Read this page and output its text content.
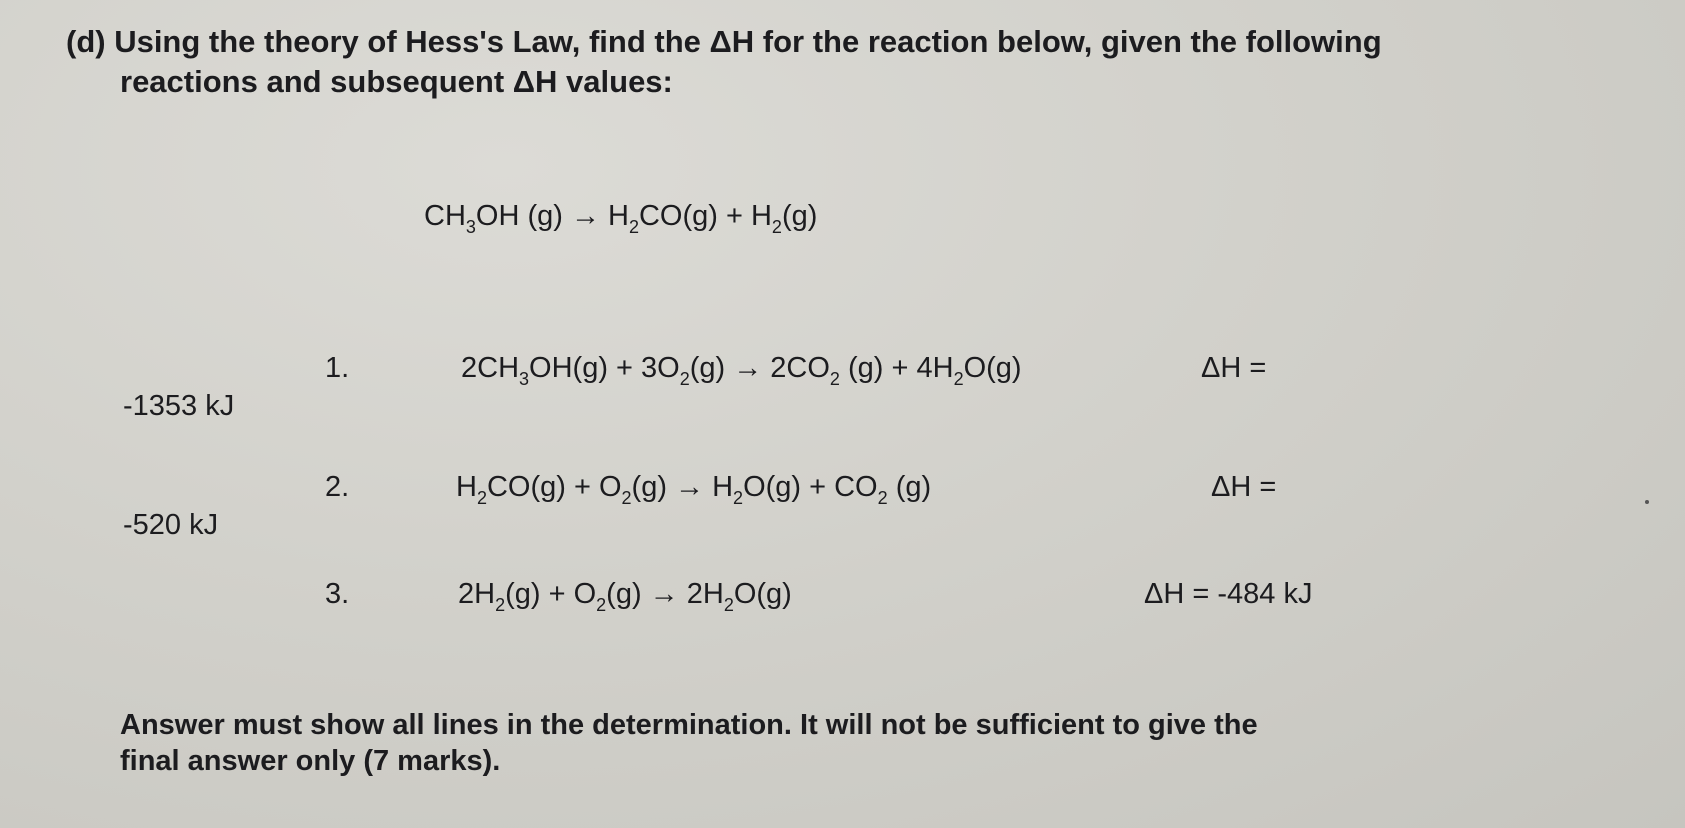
(d) Using the theory of Hess's Law, find the ΔH for the reaction below, given the following
reactions and subsequent ΔH values:
$CH_3OH$ $(g) \to H_2CO(g) + H_2(g)$
1.	$2CH_3OH(g) + 3O_2(g) \to 2CO_2$ $(g) + 4H_2O(g)$	ΔH =
-1353 kJ
2.	$H_2CO(g) + O_2(g) \to H_2O(g) + CO_2$ (g)	ΔH =
-520 kJ
3.	$2H_2(g) + O_2(g) \to 2H_2O(g)$	ΔH = -484 kJ
Answer must show all lines in the determination. It will not be sufficient to give the
final answer only (7 marks).
